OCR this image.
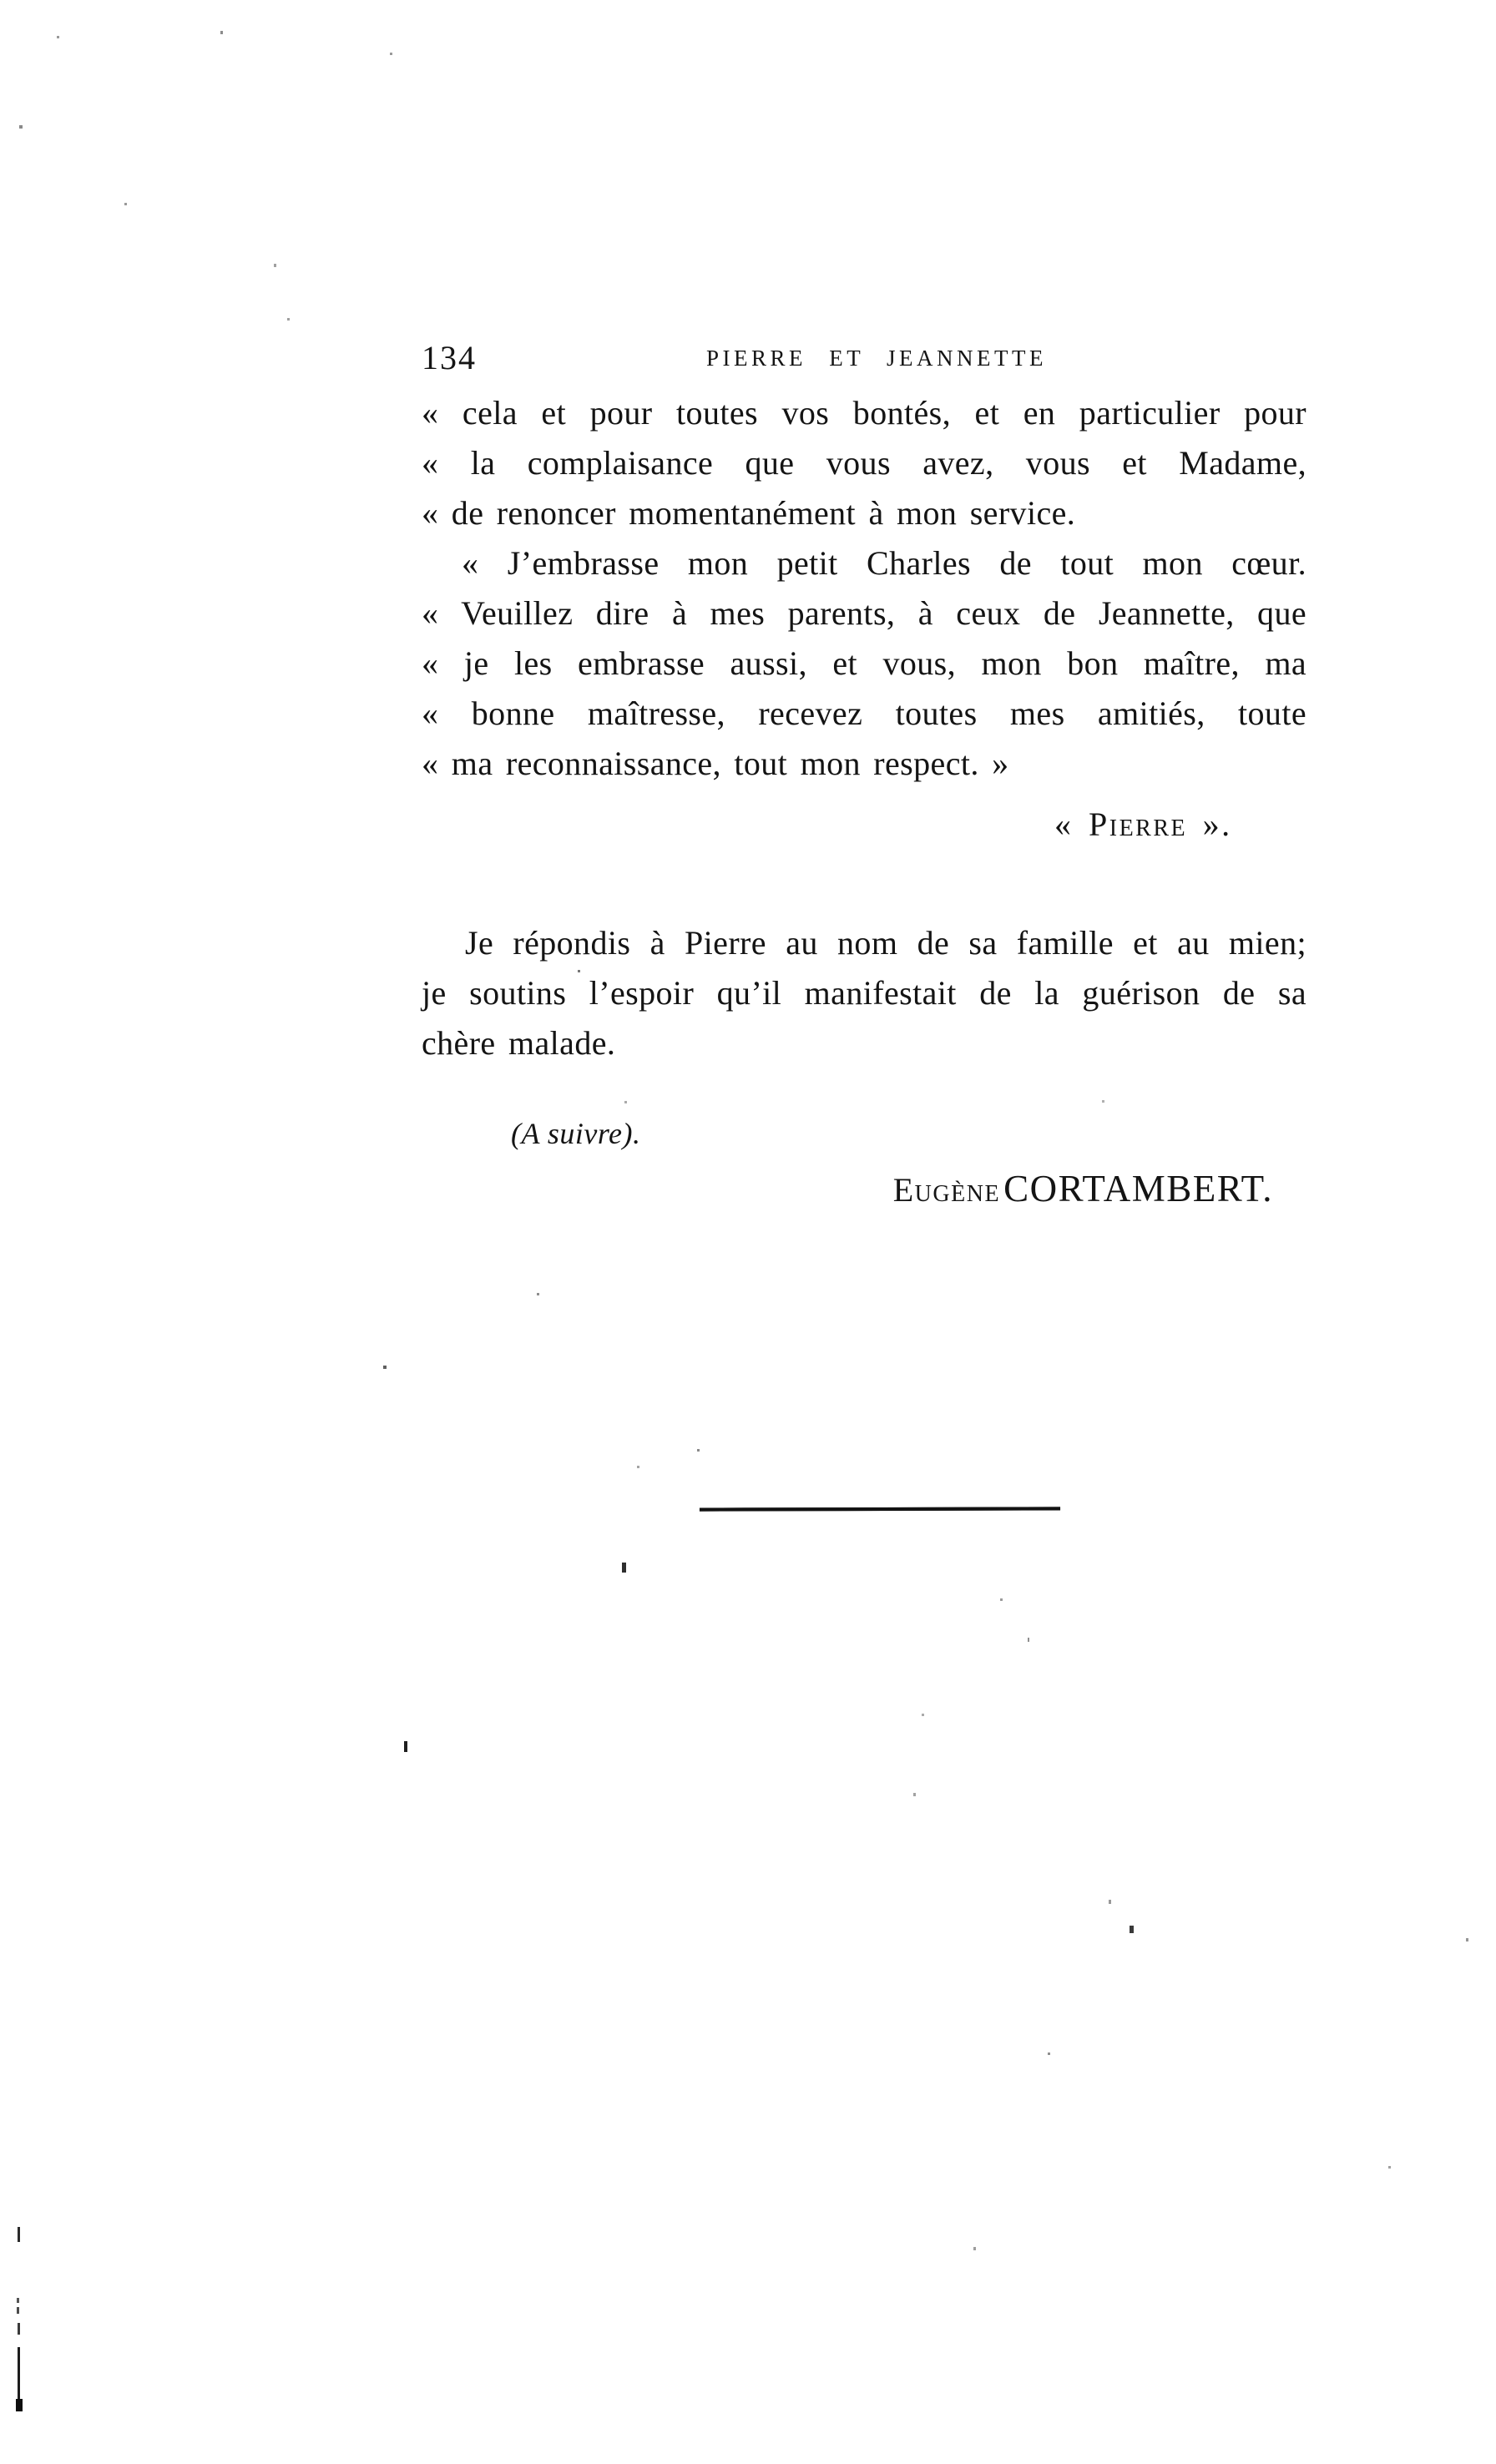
134	PIERRE ET JEANNETTE
« cela et pour toutes vos bontés, et en particulier pour
« la complaisance que vous avez, vous et Madame,
« de renoncer momentanément à mon service.
« J’embrasse mon petit Charles de tout mon cœur.
« Veuillez dire à mes parents, à ceux de Jeannette, que
« je les embrasse aussi, et vous, mon bon maître, ma
« bonne maîtresse, recevez toutes mes amitiés, toute
« ma reconnaissance, tout mon respect. »
« Pierre ».
Je répondis à Pierre au nom de sa famille et au mien;
je soutins l’espoir qu’il manifestait de la guérison de sa
chère malade.
(A suivre).
Eugène CORTAMBERT.
